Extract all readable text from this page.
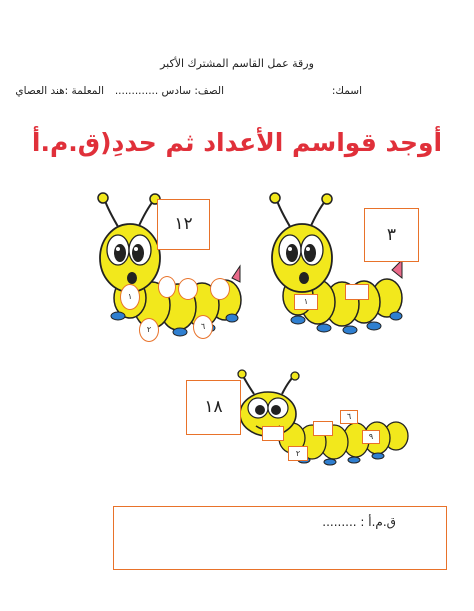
ورقة عمل القاسم المشترك الأكبر
اسمك:
الصف: سادس .............
المعلمة :هند العصاي
أوجد قواسم الأعداد ثم حددِ(ق.م.أ
١٢
١
٢	٦
٣
١
١٨	٦
٩
٢
ق.م.أ : .........
